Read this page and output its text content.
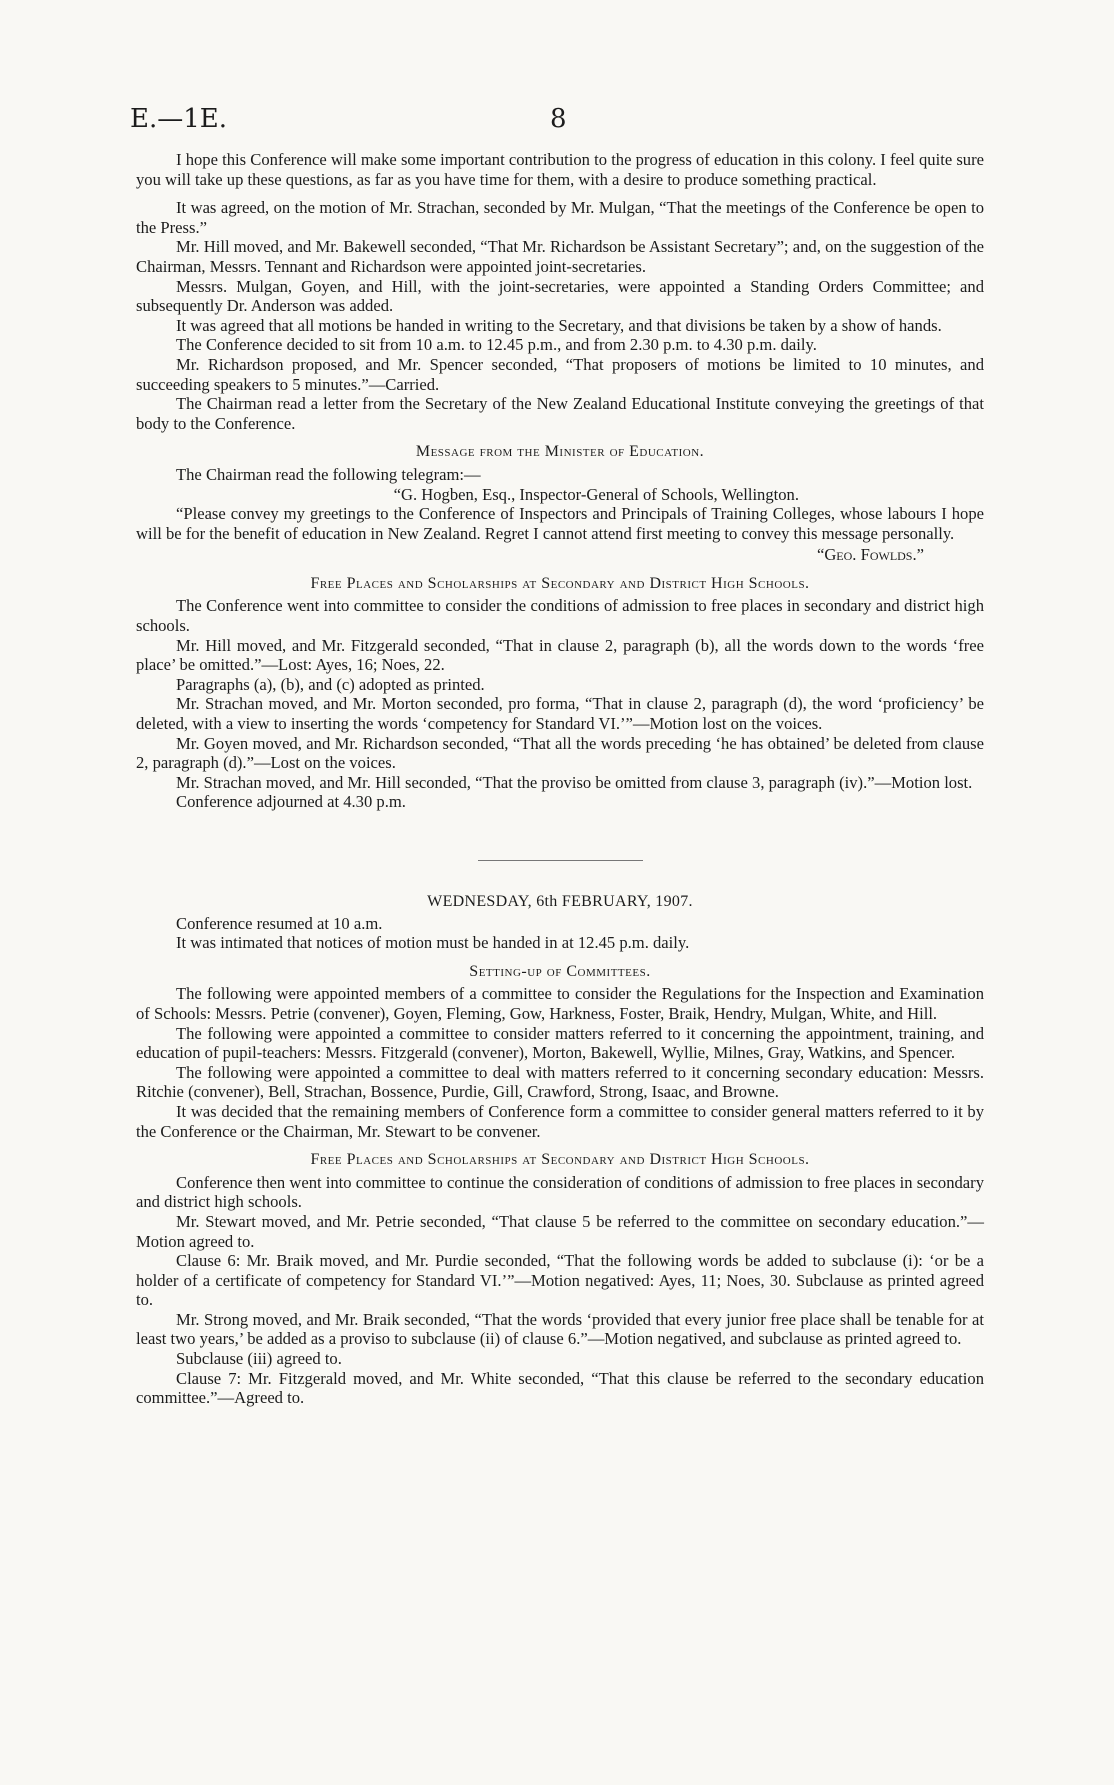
E.—1E.	8

I hope this Conference will make some important contribution to the progress of education in this colony. I feel quite sure you will take up these questions, as far as you have time for them, with a desire to produce something practical.

It was agreed, on the motion of Mr. Strachan, seconded by Mr. Mulgan, “That the meetings of the Conference be open to the Press.”

Mr. Hill moved, and Mr. Bakewell seconded, “That Mr. Richardson be Assistant Secretary”; and, on the suggestion of the Chairman, Messrs. Tennant and Richardson were appointed joint-secretaries.

Messrs. Mulgan, Goyen, and Hill, with the joint-secretaries, were appointed a Standing Orders Committee; and subsequently Dr. Anderson was added.

It was agreed that all motions be handed in writing to the Secretary, and that divisions be taken by a show of hands.

The Conference decided to sit from 10 a.m. to 12.45 p.m., and from 2.30 p.m. to 4.30 p.m. daily.

Mr. Richardson proposed, and Mr. Spencer seconded, “That proposers of motions be limited to 10 minutes, and succeeding speakers to 5 minutes.”—Carried.

The Chairman read a letter from the Secretary of the New Zealand Educational Institute conveying the greetings of that body to the Conference.

Message from the Minister of Education.

The Chairman read the following telegram:—

“G. Hogben, Esq., Inspector-General of Schools, Wellington.

“Please convey my greetings to the Conference of Inspectors and Principals of Training Colleges, whose labours I hope will be for the benefit of education in New Zealand. Regret I cannot attend first meeting to convey this message personally.

“Geo. Fowlds.”

Free Places and Scholarships at Secondary and District High Schools.

The Conference went into committee to consider the conditions of admission to free places in secondary and district high schools.

Mr. Hill moved, and Mr. Fitzgerald seconded, “That in clause 2, paragraph (b), all the words down to the words ‘free place’ be omitted.”—Lost: Ayes, 16; Noes, 22.

Paragraphs (a), (b), and (c) adopted as printed.

Mr. Strachan moved, and Mr. Morton seconded, pro forma, “That in clause 2, paragraph (d), the word ‘proficiency’ be deleted, with a view to inserting the words ‘competency for Standard VI.’”—Motion lost on the voices.

Mr. Goyen moved, and Mr. Richardson seconded, “That all the words preceding ‘he has obtained’ be deleted from clause 2, paragraph (d).”—Lost on the voices.

Mr. Strachan moved, and Mr. Hill seconded, “That the proviso be omitted from clause 3, paragraph (iv).”—Motion lost.

Conference adjourned at 4.30 p.m.

WEDNESDAY, 6th FEBRUARY, 1907.

Conference resumed at 10 a.m.

It was intimated that notices of motion must be handed in at 12.45 p.m. daily.

Setting-up of Committees.

The following were appointed members of a committee to consider the Regulations for the Inspection and Examination of Schools: Messrs. Petrie (convener), Goyen, Fleming, Gow, Harkness, Foster, Braik, Hendry, Mulgan, White, and Hill.

The following were appointed a committee to consider matters referred to it concerning the appointment, training, and education of pupil-teachers: Messrs. Fitzgerald (convener), Morton, Bakewell, Wyllie, Milnes, Gray, Watkins, and Spencer.

The following were appointed a committee to deal with matters referred to it concerning secondary education: Messrs. Ritchie (convener), Bell, Strachan, Bossence, Purdie, Gill, Crawford, Strong, Isaac, and Browne.

It was decided that the remaining members of Conference form a committee to consider general matters referred to it by the Conference or the Chairman, Mr. Stewart to be convener.

Free Places and Scholarships at Secondary and District High Schools.

Conference then went into committee to continue the consideration of conditions of admission to free places in secondary and district high schools.

Mr. Stewart moved, and Mr. Petrie seconded, “That clause 5 be referred to the committee on secondary education.”—Motion agreed to.

Clause 6: Mr. Braik moved, and Mr. Purdie seconded, “That the following words be added to subclause (i): ‘or be a holder of a certificate of competency for Standard VI.’”—Motion negatived: Ayes, 11; Noes, 30. Subclause as printed agreed to.

Mr. Strong moved, and Mr. Braik seconded, “That the words ‘provided that every junior free place shall be tenable for at least two years,’ be added as a proviso to subclause (ii) of clause 6.”—Motion negatived, and subclause as printed agreed to.

Subclause (iii) agreed to.

Clause 7: Mr. Fitzgerald moved, and Mr. White seconded, “That this clause be referred to the secondary education committee.”—Agreed to.
